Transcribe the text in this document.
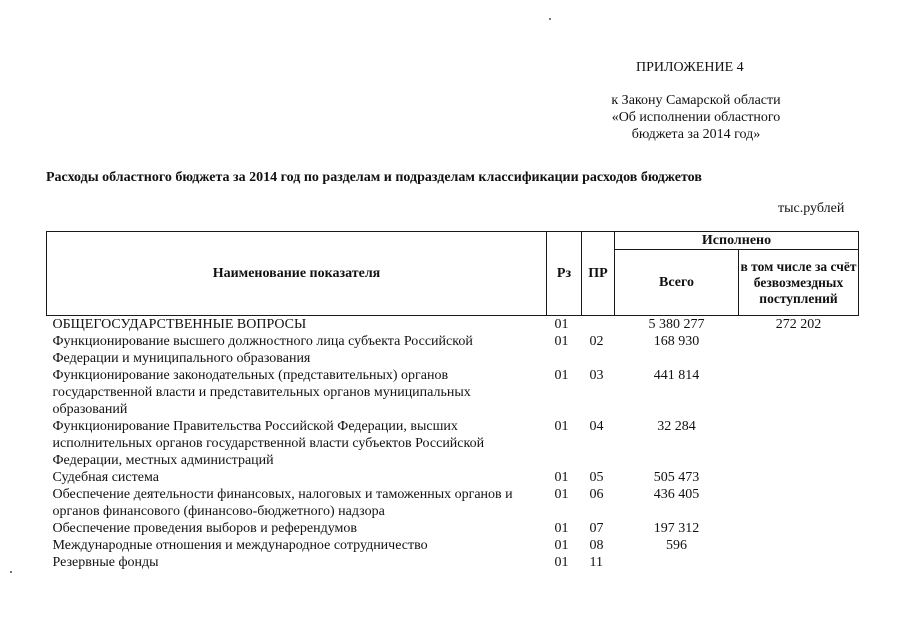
ПРИЛОЖЕНИЕ 4
к Закону Самарской области
«Об исполнении областного
бюджета за 2014 год»
Расходы областного бюджета за 2014 год по разделам и подразделам классификации расходов бюджетов
тыс.рублей
Наименование показателя	Рз	ПР	Исполнено	
			Всего	в том числе за счёт безвозмездных поступлений
ОБЩЕГОСУДАРСТВЕННЫЕ ВОПРОСЫ	01		5 380 277	272 202
Функционирование высшего должностного лица субъекта Российской Федерации и муниципального образования	01	02	168 930	
Функционирование законодательных (представительных) органов государственной власти и представительных органов муниципальных образований	01	03	441 814	
Функционирование Правительства Российской Федерации, высших исполнительных органов государственной власти субъектов Российской Федерации, местных администраций	01	04	32 284	
Судебная система	01	05	505 473	
Обеспечение деятельности финансовых, налоговых и таможенных органов и органов финансового (финансово-бюджетного) надзора	01	06	436 405	
Обеспечение проведения выборов и референдумов	01	07	197 312	
Международные отношения и международное сотрудничество	01	08	596	
Резервные фонды	01	11		
